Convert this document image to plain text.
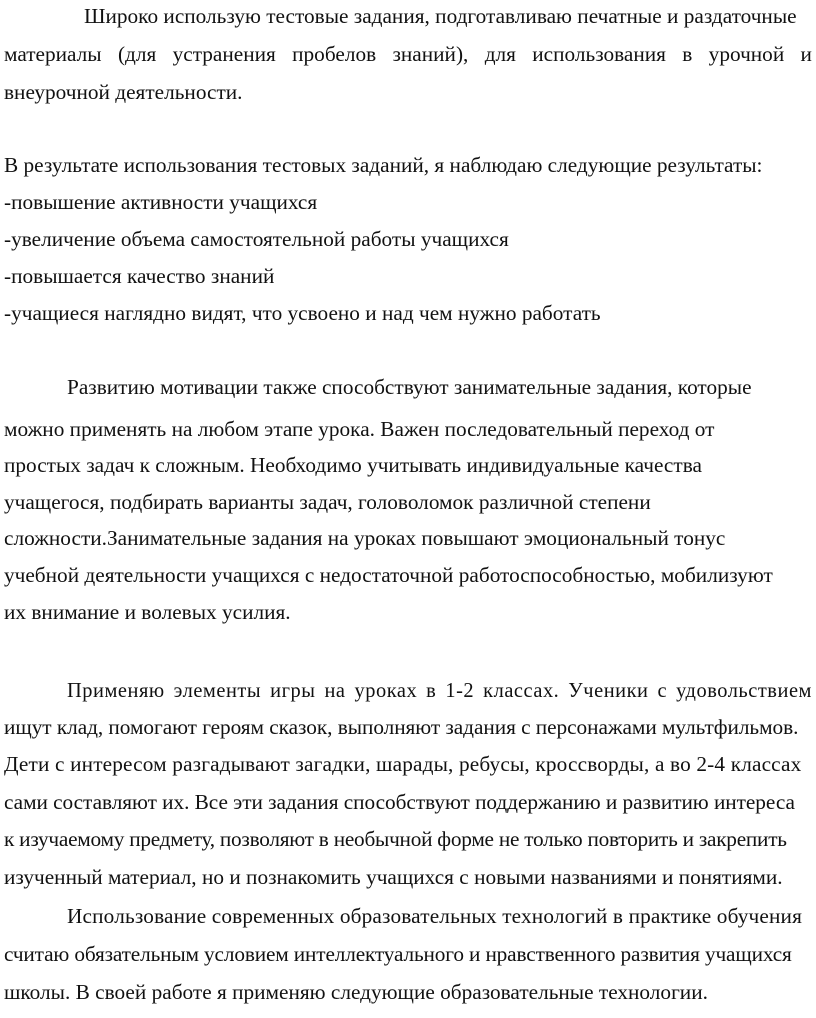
Широко использую тестовые задания, подготавливаю печатные и раздаточные
материалы (для устранения пробелов знаний), для использования в урочной и
внеурочной деятельности.
В результате использования тестовых заданий, я наблюдаю следующие результаты:
-повышение активности учащихся
-увеличение объема самостоятельной работы учащихся
-повышается качество знаний
-учащиеся наглядно видят, что усвоено и над чем нужно работать
Развитию мотивации также способствуют занимательные задания, которые
можно применять на любом этапе урока. Важен последовательный переход от
простых задач к сложным. Необходимо учитывать индивидуальные качества
учащегося, подбирать варианты задач, головоломок различной степени
сложности.Занимательные задания на уроках повышают эмоциональный тонус
учебной деятельности учащихся с недостаточной работоспособностью, мобилизуют
их внимание и волевых усилия.
Применяю элементы игры на уроках в 1-2 классах. Ученики с удовольствием
ищут клад, помогают героям сказок, выполняют задания с персонажами мультфильмов.
Дети с интересом разгадывают загадки, шарады, ребусы, кроссворды, а во 2-4 классах
сами составляют их. Все эти задания способствуют поддержанию и развитию интереса
к изучаемому предмету, позволяют в необычной форме не только повторить и закрепить
изученный материал, но и познакомить учащихся с новыми названиями и понятиями.
Использование современных образовательных технологий в практике обучения
считаю обязательным условием интеллектуального и нравственного развития учащихся
школы. В своей работе я применяю следующие образовательные технологии.
